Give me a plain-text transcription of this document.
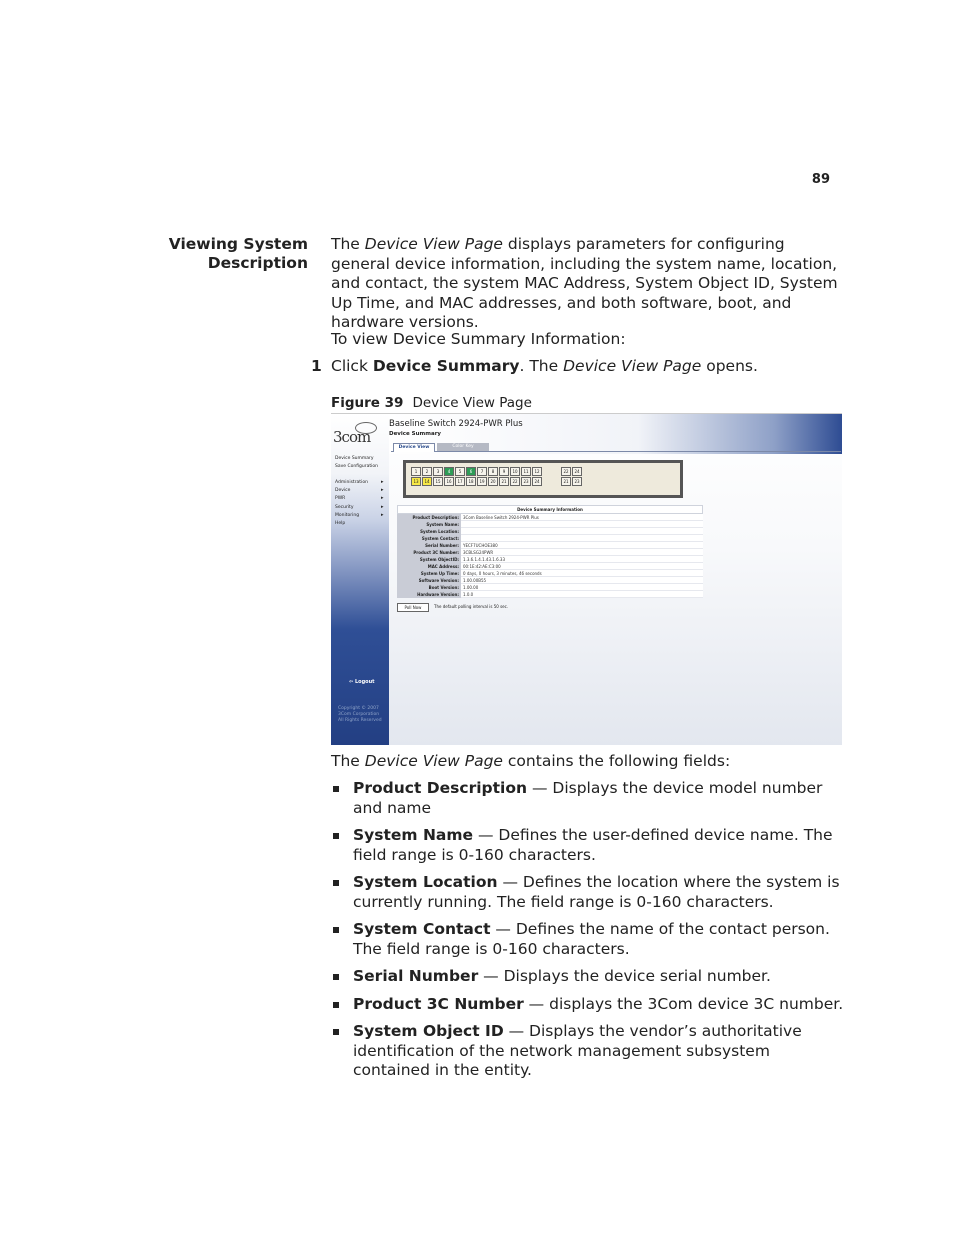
89
Viewing System
Description

The Device View Page displays parameters for configuring general device information, including the system name, location, and contact, the system MAC Address, System Object ID, System Up Time, and MAC addresses, and both software, boot, and hardware versions.

To view Device Summary Information:
1 Click Device Summary. The Device View Page opens.
Figure 39 Device View Page
3com
Device Summary
Save Configuration
Administration	▸
Device	▸
PWR	▸
Security	▸
Monitoring	▸
Help
⇦ Logout
Copyright © 2007 3Com Corporation All Rights Reserved
Baseline Switch 2924-PWR Plus
Device Summary
Device View	Color Key
1	2	3	4	5	6	7	8	9	10	11	12
13	14	15	16	17	18	19	20	21	22	23	24
22	24
21	23
Device Summary Information
Product Description:	3Com Baseline Switch 2924-PWR Plus
System Name:
System Location:
System Contact:
Serial Number:	YECF7UCHOE380
Product 3C Number:	3CBLSG24PWR
System ObjectID:	1.3.6.1.4.1.43.1.6.33
MAC Address:	00:1E:42:AE:C3:00
System Up Time:	0 days, 0 hours, 3 minutes, 46 seconds
Software Version:	1.00.00B55
Boot Version:	1.00.00
Hardware Version:	1.0.0
Poll Now	The default polling interval is 50 sec.
The Device View Page contains the following fields:
Product Description — Displays the device model number and name
System Name — Defines the user-defined device name. The field range is 0-160 characters.
System Location — Defines the location where the system is currently running. The field range is 0-160 characters.
System Contact — Defines the name of the contact person. The field range is 0-160 characters.
Serial Number — Displays the device serial number.
Product 3C Number — displays the 3Com device 3C number.
System Object ID — Displays the vendor’s authoritative identification of the network management subsystem contained in the entity.
